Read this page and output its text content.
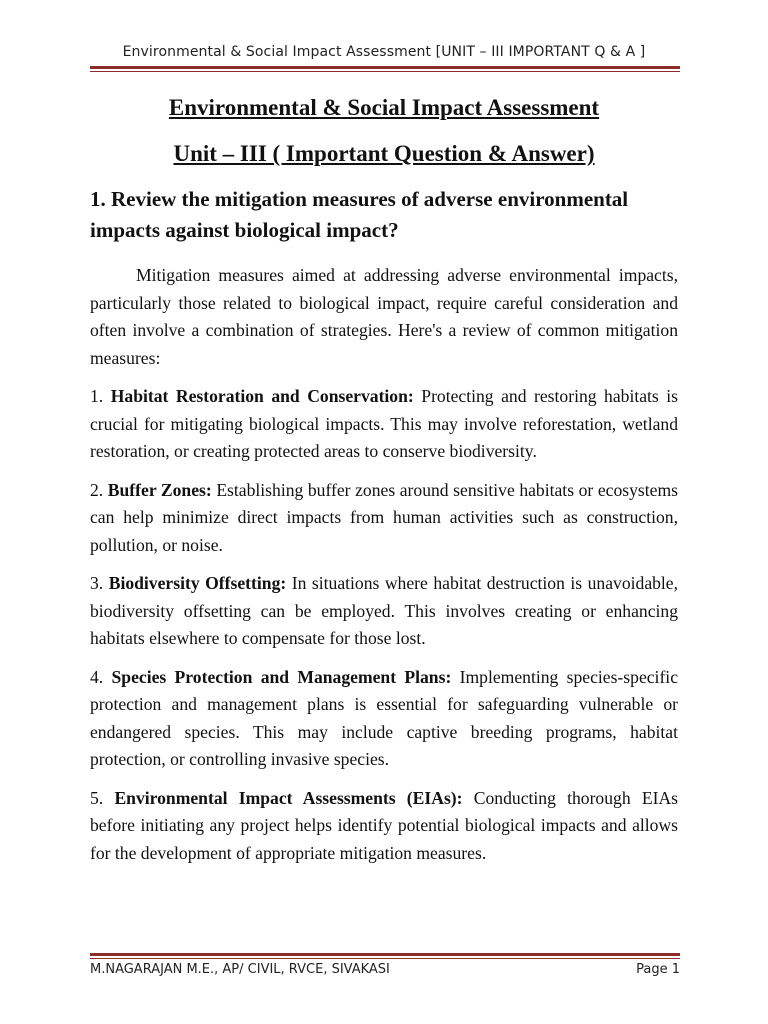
Environmental & Social Impact Assessment [UNIT – III IMPORTANT Q & A ]
Environmental & Social Impact Assessment
Unit – III ( Important Question & Answer)
1. Review the mitigation measures of adverse environmental impacts against biological impact?

Mitigation measures aimed at addressing adverse environmental impacts, particularly those related to biological impact, require careful consideration and often involve a combination of strategies. Here's a review of common mitigation measures:

1. Habitat Restoration and Conservation: Protecting and restoring habitats is crucial for mitigating biological impacts. This may involve reforestation, wetland restoration, or creating protected areas to conserve biodiversity.

2. Buffer Zones: Establishing buffer zones around sensitive habitats or ecosystems can help minimize direct impacts from human activities such as construction, pollution, or noise.

3. Biodiversity Offsetting: In situations where habitat destruction is unavoidable, biodiversity offsetting can be employed. This involves creating or enhancing habitats elsewhere to compensate for those lost.

4. Species Protection and Management Plans: Implementing species-specific protection and management plans is essential for safeguarding vulnerable or endangered species. This may include captive breeding programs, habitat protection, or controlling invasive species.

5. Environmental Impact Assessments (EIAs): Conducting thorough EIAs before initiating any project helps identify potential biological impacts and allows for the development of appropriate mitigation measures.

M.NAGARAJAN M.E., AP/ CIVIL, RVCE, SIVAKASI	Page 1
